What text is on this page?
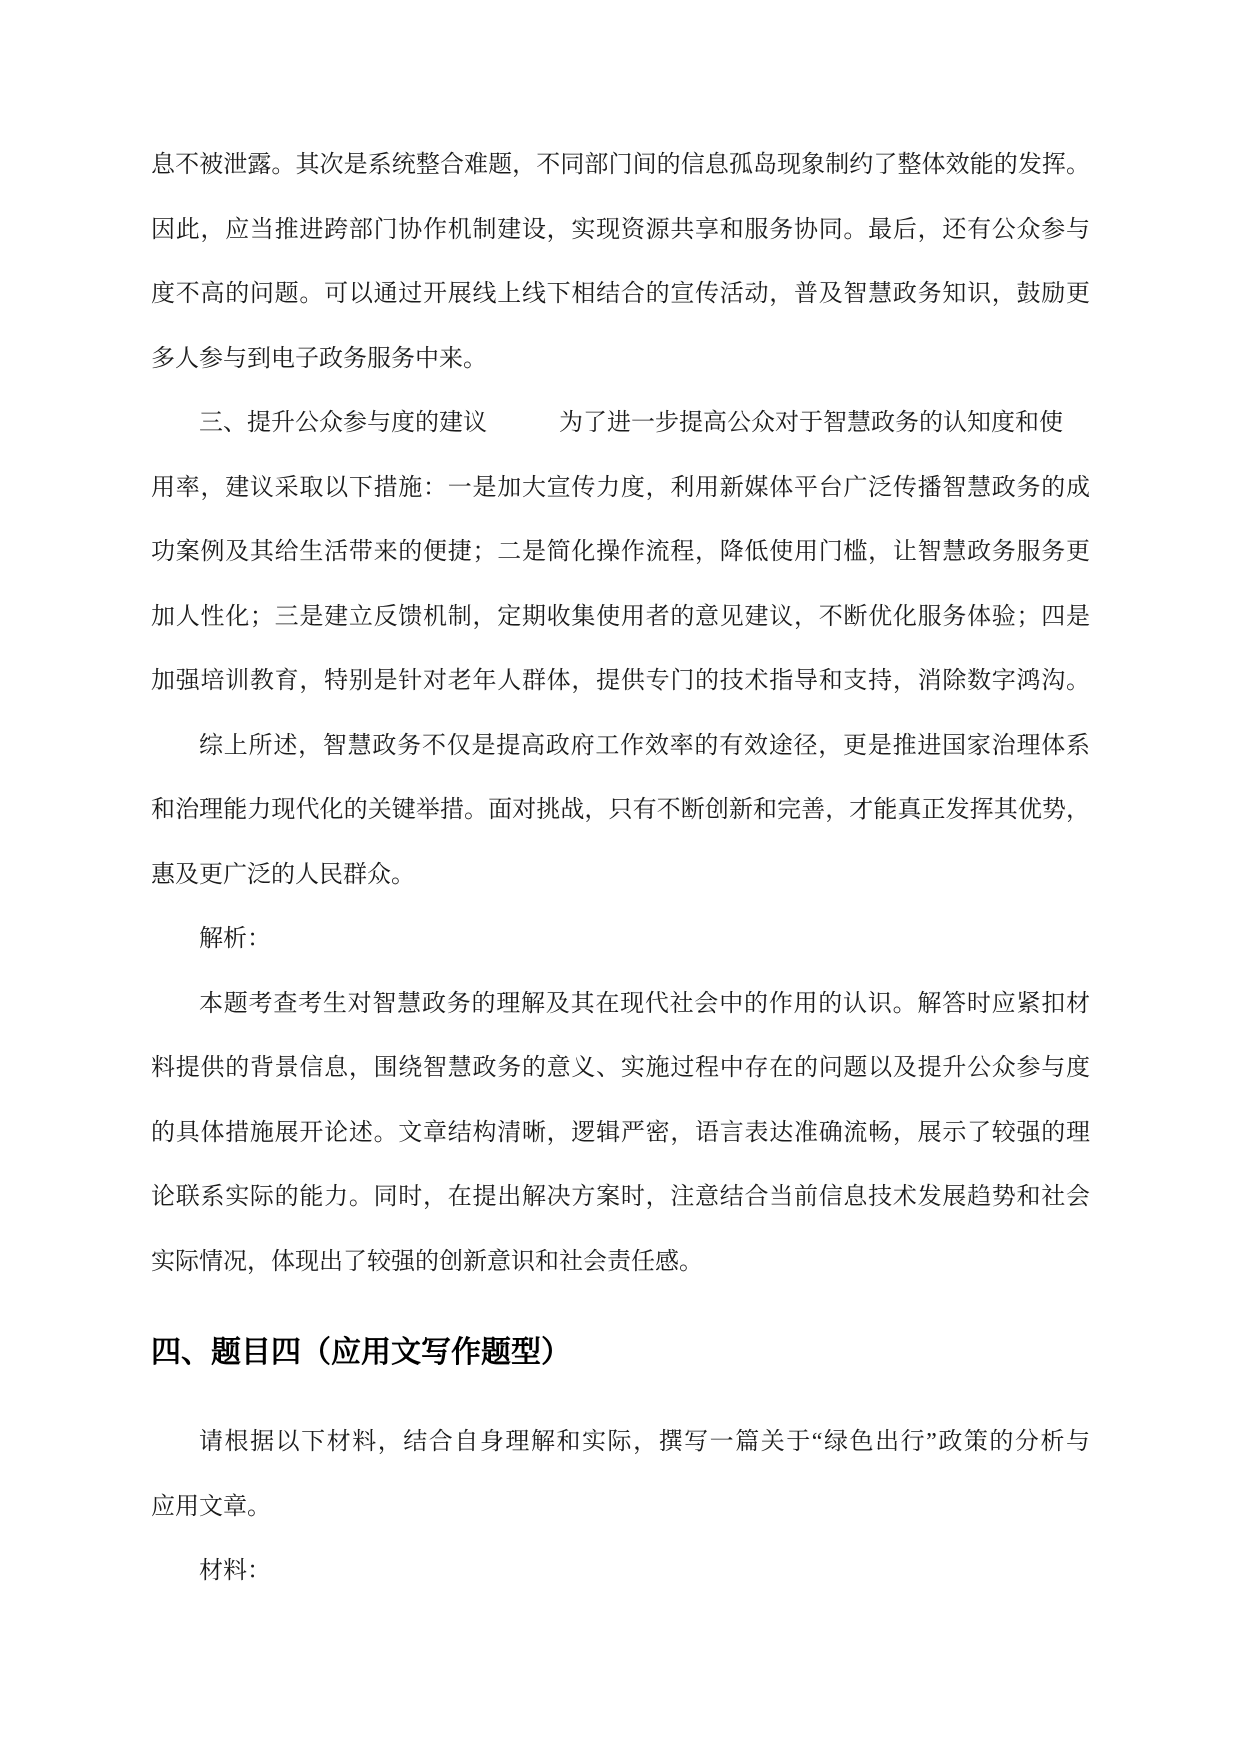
息不被泄露。其次是系统整合难题，不同部门间的信息孤岛现象制约了整体效能的发挥。
因此，应当推进跨部门协作机制建设，实现资源共享和服务协同。最后，还有公众参与
度不高的问题。可以通过开展线上线下相结合的宣传活动，普及智慧政务知识，鼓励更
多人参与到电子政务服务中来。
三、提升公众参与度的建议　　　为了进一步提高公众对于智慧政务的认知度和使
用率，建议采取以下措施：一是加大宣传力度，利用新媒体平台广泛传播智慧政务的成
功案例及其给生活带来的便捷；二是简化操作流程，降低使用门槛，让智慧政务服务更
加人性化；三是建立反馈机制，定期收集使用者的意见建议，不断优化服务体验；四是
加强培训教育，特别是针对老年人群体，提供专门的技术指导和支持，消除数字鸿沟。
综上所述，智慧政务不仅是提高政府工作效率的有效途径，更是推进国家治理体系
和治理能力现代化的关键举措。面对挑战，只有不断创新和完善，才能真正发挥其优势，
惠及更广泛的人民群众。
解析：
本题考查考生对智慧政务的理解及其在现代社会中的作用的认识。解答时应紧扣材
料提供的背景信息，围绕智慧政务的意义、实施过程中存在的问题以及提升公众参与度
的具体措施展开论述。文章结构清晰，逻辑严密，语言表达准确流畅，展示了较强的理
论联系实际的能力。同时，在提出解决方案时，注意结合当前信息技术发展趋势和社会
实际情况，体现出了较强的创新意识和社会责任感。
四、题目四（应用文写作题型）
请根据以下材料，结合自身理解和实际，撰写一篇关于“绿色出行”政策的分析与
应用文章。
材料：
